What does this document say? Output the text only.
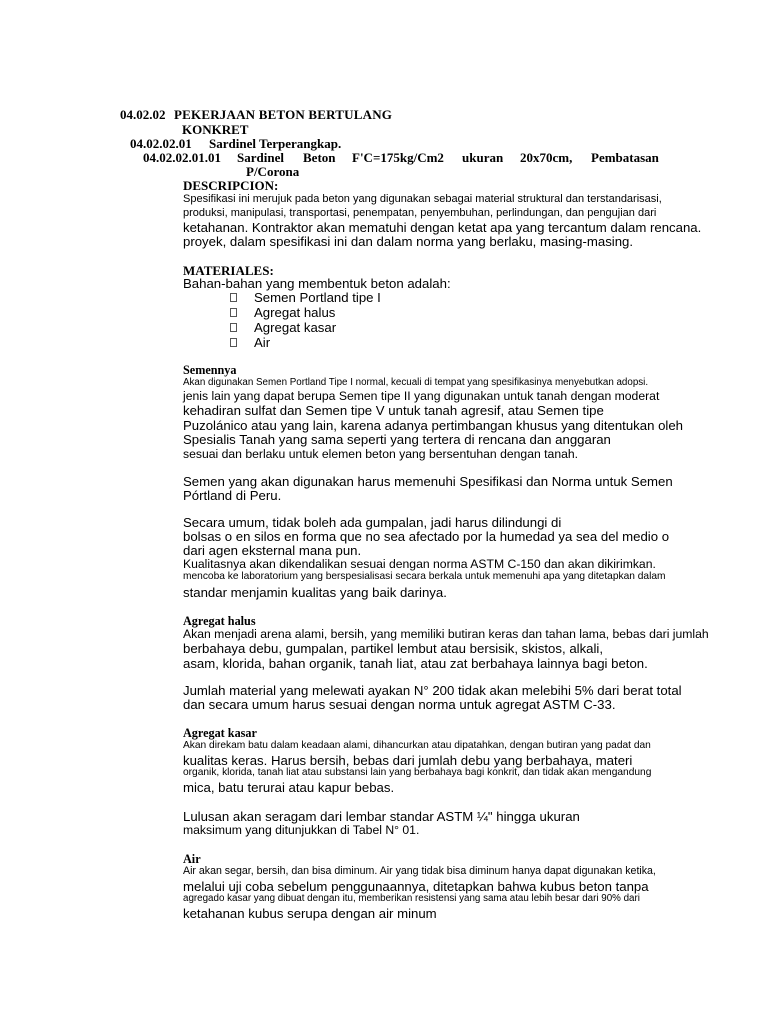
04.02.02 PEKERJAAN BETON BERTULANG
KONKRET
04.02.02.01 Sardinel Terperangkap.
04.02.02.01.01 Sardinel Beton F'C=175kg/Cm2 ukuran 20x70cm, Pembatasan
P/Corona
DESCRIPCION:
Spesifikasi ini merujuk pada beton yang digunakan sebagai material struktural dan terstandarisasi,
produksi, manipulasi, transportasi, penempatan, penyembuhan, perlindungan, dan pengujian dari
ketahanan. Kontraktor akan mematuhi dengan ketat apa yang tercantum dalam rencana.
proyek, dalam spesifikasi ini dan dalam norma yang berlaku, masing-masing.
MATERIALES:
Bahan-bahan yang membentuk beton adalah:
Semen Portland tipe I
Agregat halus
Agregat kasar
Air
Semennya
Akan digunakan Semen Portland Tipe I normal, kecuali di tempat yang spesifikasinya menyebutkan adopsi.
jenis lain yang dapat berupa Semen tipe II yang digunakan untuk tanah dengan moderat
kehadiran sulfat dan Semen tipe V untuk tanah agresif, atau Semen tipe
Puzolánico atau yang lain, karena adanya pertimbangan khusus yang ditentukan oleh
Spesialis Tanah yang sama seperti yang tertera di rencana dan anggaran
sesuai dan berlaku untuk elemen beton yang bersentuhan dengan tanah.
Semen yang akan digunakan harus memenuhi Spesifikasi dan Norma untuk Semen
Pórtland di Peru.
Secara umum, tidak boleh ada gumpalan, jadi harus dilindungi di
bolsas o en silos en forma que no sea afectado por la humedad ya sea del medio o
dari agen eksternal mana pun.
Kualitasnya akan dikendalikan sesuai dengan norma ASTM C-150 dan akan dikirimkan.
mencoba ke laboratorium yang berspesialisasi secara berkala untuk memenuhi apa yang ditetapkan dalam
standar menjamin kualitas yang baik darinya.
Agregat halus
Akan menjadi arena alami, bersih, yang memiliki butiran keras dan tahan lama, bebas dari jumlah
berbahaya debu, gumpalan, partikel lembut atau bersisik, skistos, alkali,
asam, klorida, bahan organik, tanah liat, atau zat berbahaya lainnya bagi beton.
Jumlah material yang melewati ayakan N° 200 tidak akan melebihi 5% dari berat total
dan secara umum harus sesuai dengan norma untuk agregat ASTM C-33.
Agregat kasar
Akan direkam batu dalam keadaan alami, dihancurkan atau dipatahkan, dengan butiran yang padat dan
kualitas keras. Harus bersih, bebas dari jumlah debu yang berbahaya, materi
organik, klorida, tanah liat atau substansi lain yang berbahaya bagi konkrit, dan tidak akan mengandung
mica, batu terurai atau kapur bebas.
Lulusan akan seragam dari lembar standar ASTM ¼" hingga ukuran
maksimum yang ditunjukkan di Tabel N° 01.
Air
Air akan segar, bersih, dan bisa diminum. Air yang tidak bisa diminum hanya dapat digunakan ketika,
melalui uji coba sebelum penggunaannya, ditetapkan bahwa kubus beton tanpa
agregado kasar yang dibuat dengan itu, memberikan resistensi yang sama atau lebih besar dari 90% dari
ketahanan kubus serupa dengan air minum
